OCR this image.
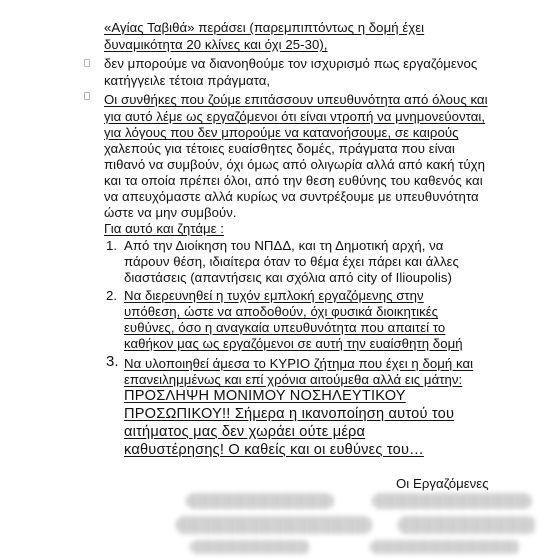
«Αγίας Ταβιθά» περάσει (παρεμπιπτόντως η δομή έχει
δυναμικότητα 20 κλίνες και όχι 25-30),
δεν μπορούμε να διανοηθούμε τον ισχυρισμό πως εργαζόμενος
κατήγγειλε τέτοια πράγματα,
Οι συνθήκες που ζούμε επιτάσσουν υπευθυνότητα από όλους και
για αυτό λέμε ως εργαζόμενοι ότι είναι ντροπή να μνημονεύονται,
για λόγους που δεν μπορούμε να κατανοήσουμε, σε καιρούς
χαλεπούς για τέτοιες ευαίσθητες δομές, πράγματα που είναι
πιθανό να συμβούν, όχι όμως από ολιγωρία αλλά από κακή τύχη
και τα οποία πρέπει όλοι, από την θεση ευθύνης του καθενός και
να απευχόμαστε αλλά κυρίως να συντρέξουμε με υπευθυνότητα
ώστε να μην συμβούν.
Για αυτό και ζητάμε :
1. Από την Διοίκηση του ΝΠΔΔ, και τη Δημοτική αρχή, να
πάρουν θέση, ιδιαίτερα όταν το θέμα έχει πάρει και άλλες
διαστάσεις (απαντήσεις και σχόλια από city of Ilioupolis)
2. Να διερευνηθεί η τυχόν εμπλοκή εργαζόμενης στην
υπόθεση, ώστε να αποδοθούν, όχι φυσικά διοικητικές
ευθύνες, όσο η αναγκαία υπευθυνότητα που απαιτεί το
καθήκον μας ως εργαζόμενοι σε αυτή την ευαίσθητη δομή
3. Να υλοποιηθεί άμεσα το ΚΥΡΙΟ ζήτημα που έχει η δομή και
επανειλημμένως και επί χρόνια αιτούμεθα αλλά εις μάτην:
ΠΡΟΣΛΗΨΗ ΜΟΝΙΜΟΥ ΝΟΣΗΛΕΥΤΙΚΟΥ
ΠΡΟΣΩΠΙΚΟΥ!! Σήμερα η ικανοποίηση αυτού του
αιτήματος μας δεν χωράει ούτε μέρα
καθυστέρησης! Ο καθείς και οι ευθύνες του…
Οι Εργαζόμενες
